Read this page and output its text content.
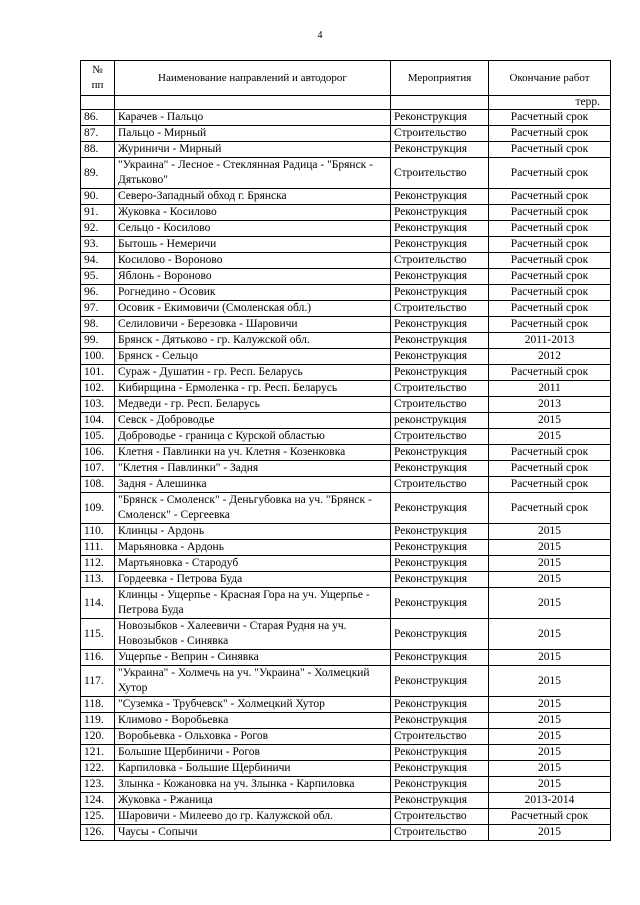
4
№
пп	Наименование направлений и автодорог	Мероприятия	Окончание работ
			терр.
86.	Карачев - Пальцо	Реконструкция	Расчетный срок
87.	Пальцо - Мирный	Строительство	Расчетный срок
88.	Журиничи - Мирный	Реконструкция	Расчетный срок
89.	"Украина" - Лесное - Стеклянная Радица - "Брянск - Дятьково"	Строительство	Расчетный срок
90.	Северо-Западный обход г. Брянска	Реконструкция	Расчетный срок
91.	Жуковка - Косилово	Реконструкция	Расчетный срок
92.	Сельцо - Косилово	Реконструкция	Расчетный срок
93.	Бытошь - Немеричи	Реконструкция	Расчетный срок
94.	Косилово - Вороново	Строительство	Расчетный срок
95.	Яблонь - Вороново	Реконструкция	Расчетный срок
96.	Рогнедино - Осовик	Реконструкция	Расчетный срок
97.	Осовик - Екимовичи (Смоленская обл.)	Строительство	Расчетный срок
98.	Селиловичи - Березовка - Шаровичи	Реконструкция	Расчетный срок
99.	Брянск - Дятьково - гр. Калужской обл.	Реконструкция	2011-2013
100.	Брянск - Сельцо	Реконструкция	2012
101.	Сураж - Душатин - гр. Респ. Беларусь	Реконструкция	Расчетный срок
102.	Кибирщина - Ермоленка - гр. Респ. Беларусь	Строительство	2011
103.	Медведи - гр. Респ. Беларусь	Строительство	2013
104.	Севск - Доброводье	реконструкция	2015
105.	Доброводье - граница с Курской областью	Строительство	2015
106.	Клетня - Павлинки на уч. Клетня - Козенковка	Реконструкция	Расчетный срок
107.	"Клетня - Павлинки" - Задня	Реконструкция	Расчетный срок
108.	Задня - Алешинка	Строительство	Расчетный срок
109.	"Брянск - Смоленск" - Деньгубовка на уч. "Брянск - Смоленск" - Сергеевка	Реконструкция	Расчетный срок
110.	Клинцы - Ардонь	Реконструкция	2015
111.	Марьяновка - Ардонь	Реконструкция	2015
112.	Мартьяновка - Стародуб	Реконструкция	2015
113.	Гордеевка - Петрова Буда	Реконструкция	2015
114.	Клинцы - Ущерпье - Красная Гора на уч. Ущерпье - Петрова Буда	Реконструкция	2015
115.	Новозыбков - Халеевичи - Старая Рудня на уч. Новозыбков - Синявка	Реконструкция	2015
116.	Ущерпье - Веприн - Синявка	Реконструкция	2015
117.	"Украина" - Холмечь на уч. "Украина" - Холмецкий Хутор	Реконструкция	2015
118.	"Суземка - Трубчевск" - Холмецкий Хутор	Реконструкция	2015
119.	Климово - Воробьевка	Реконструкция	2015
120.	Воробьевка - Ольховка - Рогов	Строительство	2015
121.	Большие Щербиничи - Рогов	Реконструкция	2015
122.	Карпиловка - Большие Щербиничи	Реконструкция	2015
123.	Злынка - Кожановка на уч. Злынка - Карпиловка	Реконструкция	2015
124.	Жуковка - Ржаница	Реконструкция	2013-2014
125.	Шаровичи - Милеево до гр. Калужской обл.	Строительство	Расчетный срок
126.	Чаусы - Сопычи	Строительство	2015
